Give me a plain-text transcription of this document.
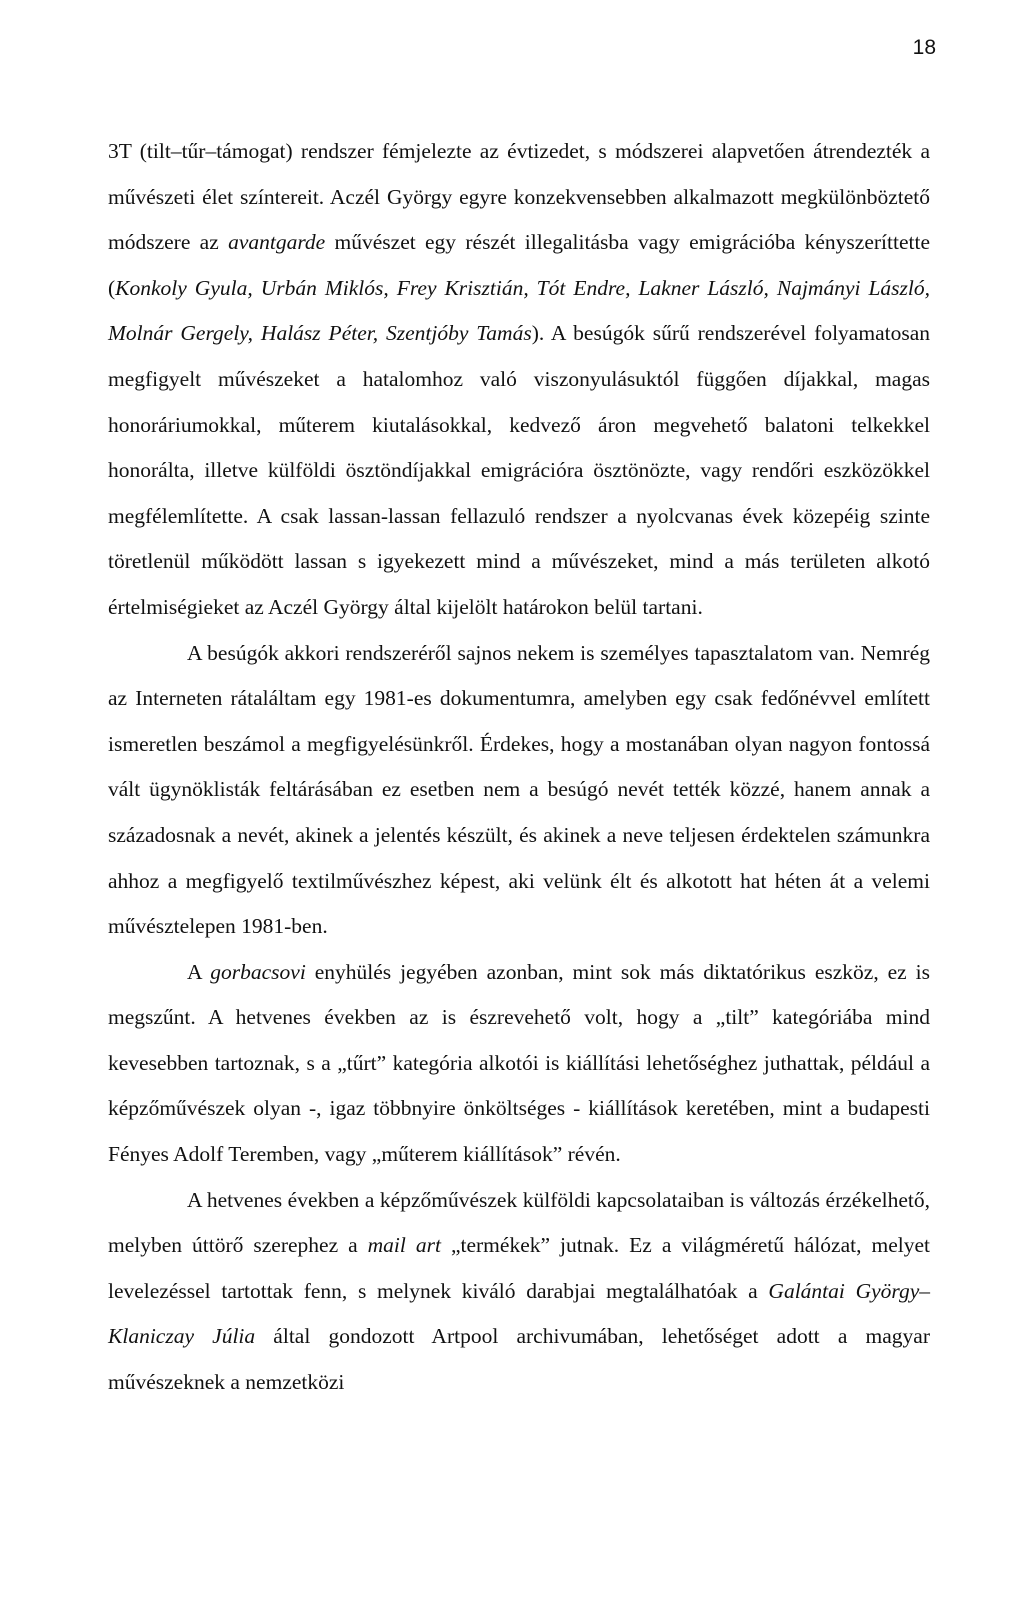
18

3T (tilt–tűr–támogat) rendszer fémjelezte az évtizedet, s módszerei alapvetően átrendezték a művészeti élet színtereit. Aczél György egyre konzekvensebben alkalmazott megkülönböztető módszere az avantgarde művészet egy részét illegalitásba vagy emigrációba kényszeríttette (Konkoly Gyula, Urbán Miklós, Frey Krisztián, Tót Endre, Lakner László, Najmányi László, Molnár Gergely, Halász Péter, Szentjóby Tamás). A besúgók sűrű rendszerével folyamatosan megfigyelt művészeket a hatalomhoz való viszonyulásuktól függően díjakkal, magas honoráriumokkal, műterem kiutalásokkal, kedvező áron megvehető balatoni telkekkel honorálta, illetve külföldi ösztöndíjakkal emigrációra ösztönözte, vagy rendőri eszközökkel megfélemlítette. A csak lassan-lassan fellazuló rendszer a nyolcvanas évek közepéig szinte töretlenül működött lassan s igyekezett mind a művészeket, mind a más területen alkotó értelmiségieket az Aczél György által kijelölt határokon belül tartani.

A besúgók akkori rendszeréről sajnos nekem is személyes tapasztalatom van. Nemrég az Interneten rátaláltam egy 1981-es dokumentumra, amelyben egy csak fedőnévvel említett ismeretlen beszámol a megfigyelésünkről. Érdekes, hogy a mostanában olyan nagyon fontossá vált ügynöklisták feltárásában ez esetben nem a besúgó nevét tették közzé, hanem annak a századosnak a nevét, akinek a jelentés készült, és akinek a neve teljesen érdektelen számunkra ahhoz a megfigyelő textilművészhez képest, aki velünk élt és alkotott hat héten át a velemi művésztelepen 1981-ben.

A gorbacsovi enyhülés jegyében azonban, mint sok más diktatórikus eszköz, ez is megszűnt. A hetvenes években az is észrevehető volt, hogy a „tilt” kategóriába mind kevesebben tartoznak, s a „tűrt” kategória alkotói is kiállítási lehetőséghez juthattak, például a képzőművészek olyan -, igaz többnyire önköltséges - kiállítások keretében, mint a budapesti Fényes Adolf Teremben, vagy „műterem kiállítások” révén.

A hetvenes években a képzőművészek külföldi kapcsolataiban is változás érzékelhető, melyben úttörő szerephez a mail art „termékek” jutnak. Ez a világméretű hálózat, melyet levelezéssel tartottak fenn, s melynek kiváló darabjai megtalálhatóak a Galántai György–Klaniczay Júlia által gondozott Artpool archivumában, lehetőséget adott a magyar művészeknek a nemzetközi
